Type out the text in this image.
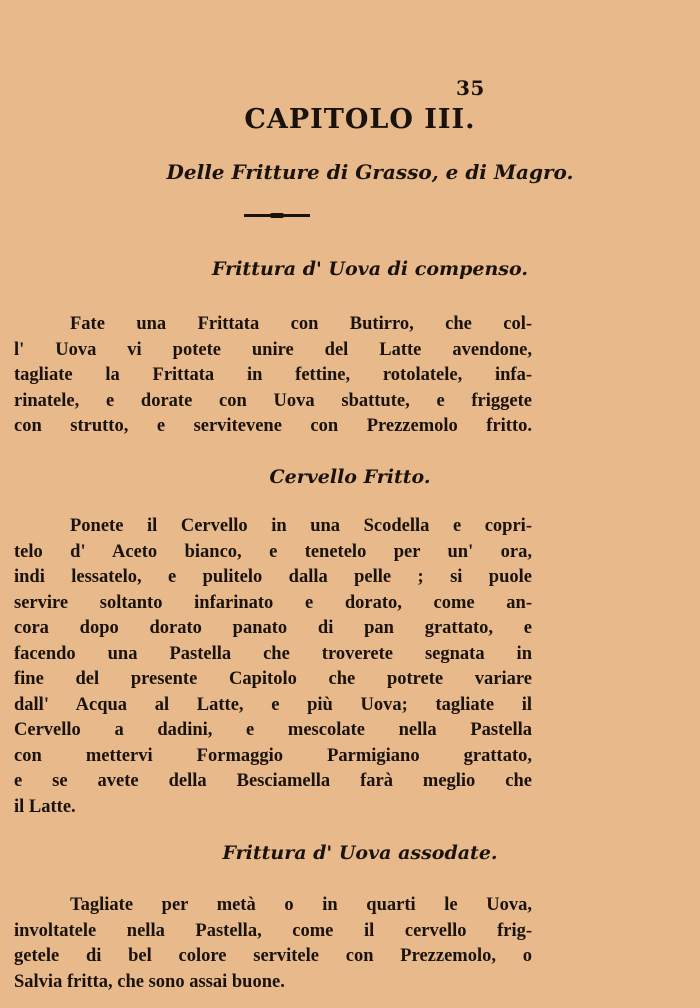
35
CAPITOLO III.
Delle Fritture di Grasso, e di Magro.
Frittura d' Uova di compenso.
Fate una Frittata con Butirro, che col-
l' Uova vi potete unire del Latte avendone,
tagliate la Frittata in fettine, rotolatele, infa-
rinatele, e dorate con Uova sbattute, e friggete
con strutto, e servitevene con Prezzemolo fritto.
Cervello Fritto.
Ponete il Cervello in una Scodella e copri-
telo d' Aceto bianco, e tenetelo per un' ora,
indi lessatelo, e pulitelo dalla pelle ; si puole
servire soltanto infarinato e dorato, come an-
cora dopo dorato panato di pan grattato, e
facendo una Pastella che troverete segnata in
fine del presente Capitolo che potrete variare
dall' Acqua al Latte, e più Uova; tagliate il
Cervello a dadini, e mescolate nella Pastella
con mettervi Formaggio Parmigiano grattato,
e se avete della Besciamella farà meglio che
il Latte.
Frittura d' Uova assodate.
Tagliate per metà o in quarti le Uova,
involtatele nella Pastella, come il cervello frig-
getele di bel colore servitele con Prezzemolo, o
Salvia fritta, che sono assai buone.
